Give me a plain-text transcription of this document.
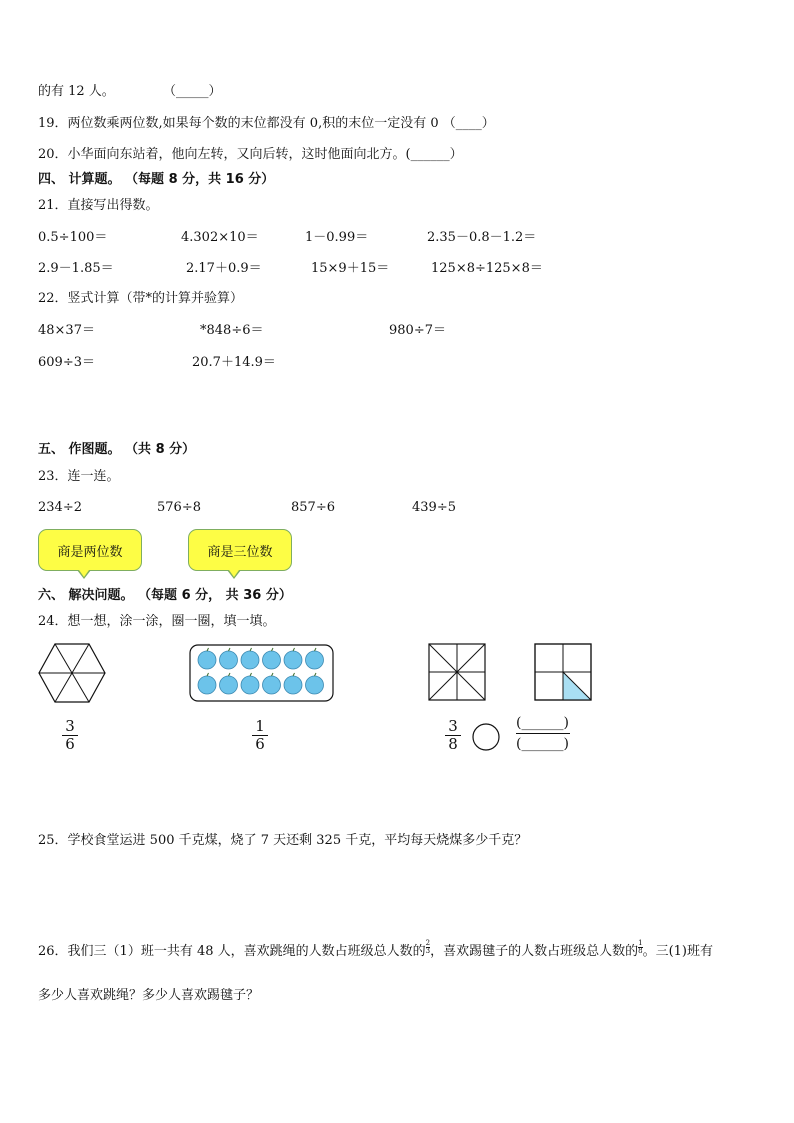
的有 12 人。	（_____）
19．两位数乘两位数,如果每个数的末位都没有 0,积的末位一定没有 0 （____）
20．小华面向东站着，他向左转，又向后转，这时他面向北方。(______）
四、 计算题。 （每题 8 分，共 16 分）
21．直接写出得数。
0.5÷100＝	4.302×10＝	1－0.99＝	2.35－0.8－1.2＝
2.9－1.85＝	2.17＋0.9＝	15×9＋15＝	125×8÷125×8＝
22．竖式计算（带*的计算并验算）
48×37＝	*848÷6＝	980÷7＝
609÷3＝	20.7＋14.9＝
五、 作图题。 （共 8 分）
23．连一连。
234÷2	576÷8	857÷6	439÷5
商是两位数	商是三位数
六、 解决问题。 （每题 6 分， 共 36 分）
24．想一想，涂一涂，圈一圈，填一填。
3
6
1
6
3
8
(______)
(______)
25．学校食堂运进 500 千克煤，烧了 7 天还剩 325 千克，平均每天烧煤多少千克？
26．我们三（1）班一共有 48 人，喜欢跳绳的人数占班级总人数的 $\frac{2}{3}$ ，喜欢踢毽子的人数占班级总人数的 $\frac{1}{8}$ 。三(1)班有
多少人喜欢跳绳？多少人喜欢踢毽子？
